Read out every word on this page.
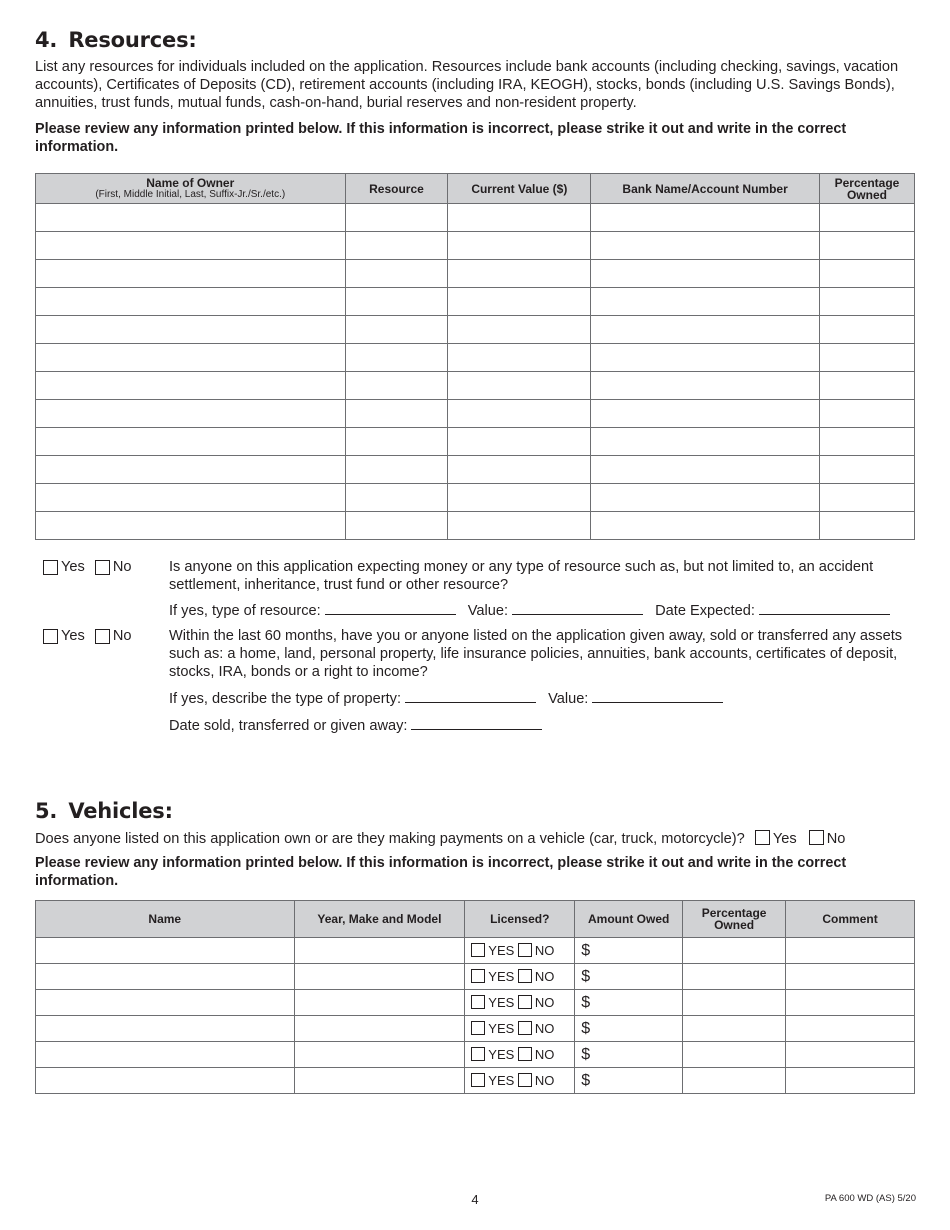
4. Resources:

List any resources for individuals included on the application. Resources include bank accounts (including checking, savings, vacation accounts), Certificates of Deposits (CD), retirement accounts (including IRA, KEOGH), stocks, bonds (including U.S. Savings Bonds), annuities, trust funds, mutual funds, cash-on-hand, burial reserves and non-resident property.

Please review any information printed below. If this information is incorrect, please strike it out and write in the correct information.

Name of Owner
(First, Middle Initial, Last, Suffix-Jr./Sr./etc.)	Resource	Current Value ($)	Bank Name/Account Number	Percentage Owned

Yes No	Is anyone on this application expecting money or any type of resource such as, but not limited to, an accident settlement, inheritance, trust fund or other resource?
If yes, type of resource:	Value:	Date Expected:
Yes No	Within the last 60 months, have you or anyone listed on the application given away, sold or transferred any assets such as: a home, land, personal property, life insurance policies, annuities, bank accounts, certificates of deposit, stocks, IRA, bonds or a right to income?
If yes, describe the type of property:	Value:
Date sold, transferred or given away:
5. Vehicles:

Does anyone listed on this application own or are they making payments on a vehicle (car, truck, motorcycle)? Yes No

Please review any information printed below. If this information is incorrect, please strike it out and write in the correct information.

Name	Year, Make and Model	Licensed?	Amount Owed	Percentage Owned	Comment
		YES NO	$		
		YES NO	$		
		YES NO	$		
		YES NO	$		
		YES NO	$		
		YES NO	$		
4	PA 600 WD (AS) 5/20
